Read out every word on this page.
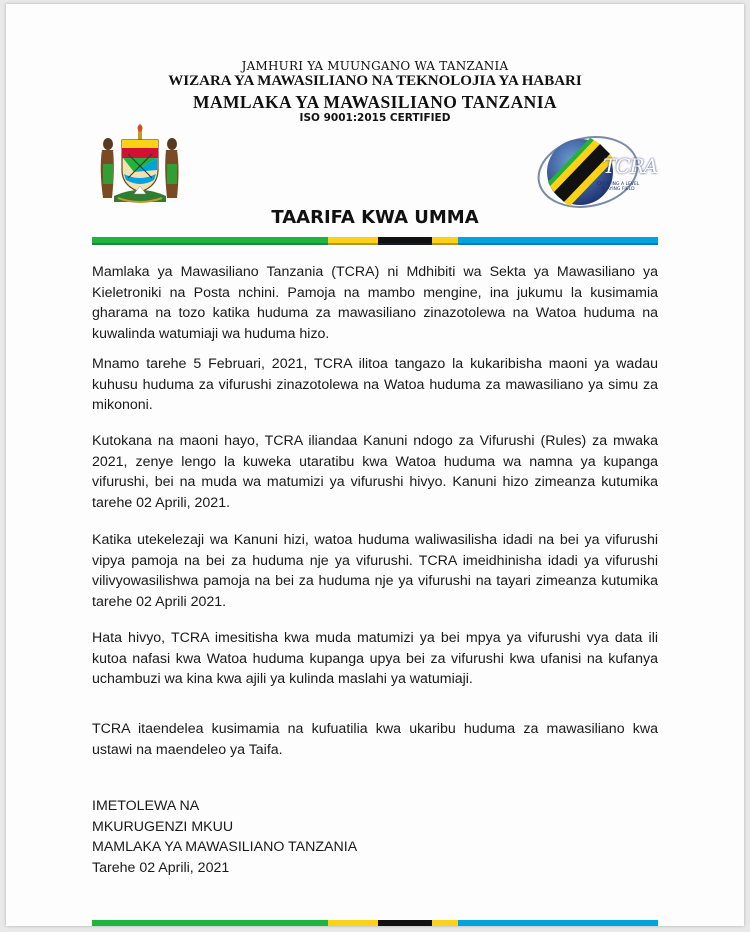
JAMHURI YA MUUNGANO WA TANZANIA
WIZARA YA MAWASILIANO NA TEKNOLOJIA YA HABARI
MAMLAKA YA MAWASILIANO TANZANIA
ISO 9001:2015 CERTIFIED
TCRA
CREATING A LEVEL PLAYING FIELD
TAARIFA KWA UMMA

Mamlaka ya Mawasiliano Tanzania (TCRA) ni Mdhibiti wa Sekta ya Mawasiliano ya Kieletroniki na Posta nchini. Pamoja na mambo mengine, ina jukumu la kusimamia gharama na tozo katika huduma za mawasiliano zinazotolewa na Watoa huduma na kuwalinda watumiaji wa huduma hizo.

Mnamo tarehe 5 Februari, 2021, TCRA ilitoa tangazo la kukaribisha maoni ya wadau kuhusu huduma za vifurushi zinazotolewa na Watoa huduma za mawasiliano ya simu za mikononi.

Kutokana na maoni hayo, TCRA iliandaa Kanuni ndogo za Vifurushi (Rules) za mwaka 2021, zenye lengo la kuweka utaratibu kwa Watoa huduma wa namna ya kupanga vifurushi, bei na muda wa matumizi ya vifurushi hivyo. Kanuni hizo zimeanza kutumika tarehe 02 Aprili, 2021.

Katika utekelezaji wa Kanuni hizi, watoa huduma waliwasilisha idadi na bei ya vifurushi vipya pamoja na bei za huduma nje ya vifurushi. TCRA imeidhinisha idadi ya vifurushi vilivyowasilishwa pamoja na bei za huduma nje ya vifurushi na tayari zimeanza kutumika tarehe 02 Aprili 2021.

Hata hivyo, TCRA imesitisha kwa muda matumizi ya bei mpya ya vifurushi vya data ili kutoa nafasi kwa Watoa huduma kupanga upya bei za vifurushi kwa ufanisi na kufanya uchambuzi wa kina kwa ajili ya kulinda maslahi ya watumiaji.

TCRA itaendelea kusimamia na kufuatilia kwa ukaribu huduma za mawasiliano kwa ustawi na maendeleo ya Taifa.

IMETOLEWA NA
MKURUGENZI MKUU
MAMLAKA YA MAWASILIANO TANZANIA
Tarehe 02 Aprili, 2021
